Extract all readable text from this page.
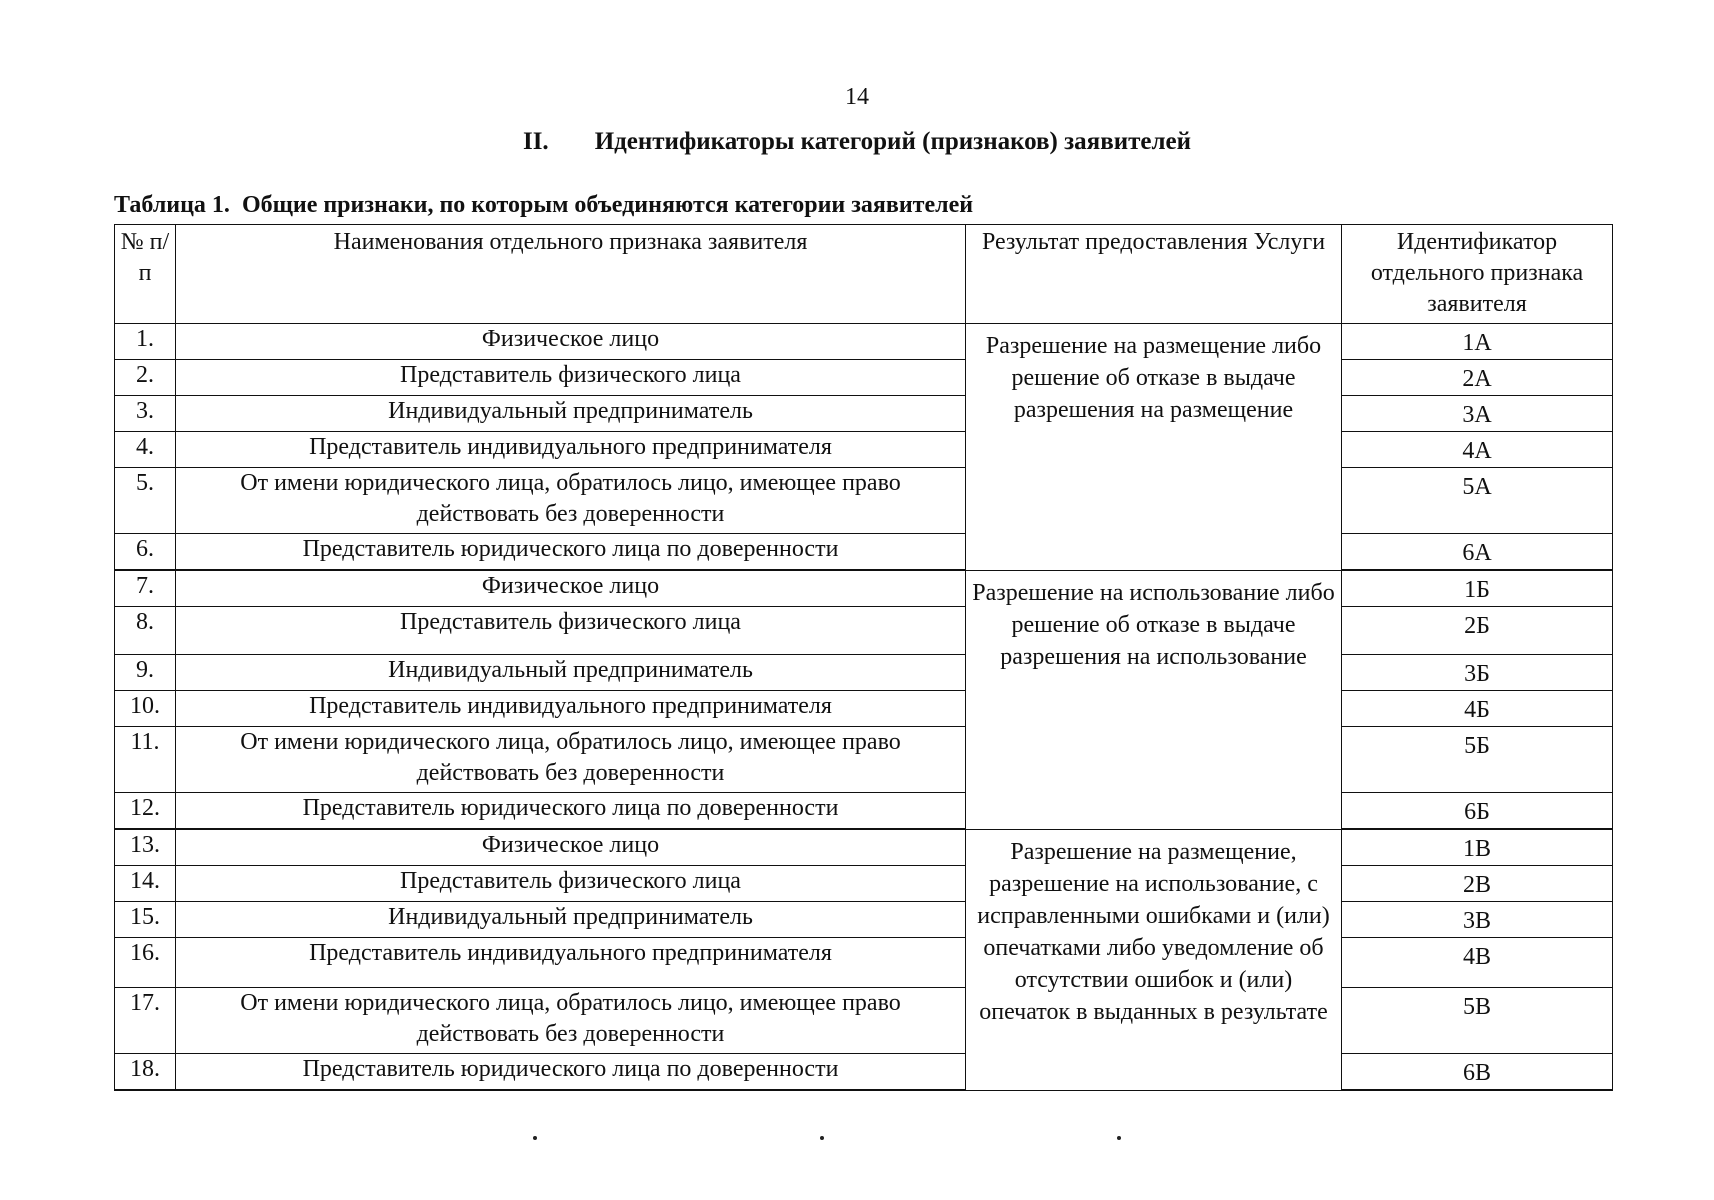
14
II. Идентификаторы категорий (признаков) заявителей
Таблица 1. Общие признаки, по которым объединяются категории заявителей
№ п/п	Наименования отдельного признака заявителя	Результат предоставления Услуги	Идентификатор отдельного признака заявителя
1.	Физическое лицо	Разрешение на размещение либо решение об отказе в выдаче разрешения на размещение	1А
2.	Представитель физического лица		2А
3.	Индивидуальный предприниматель		3А
4.	Представитель индивидуального предпринимателя		4А
5.	От имени юридического лица, обратилось лицо, имеющее право
действовать без доверенности		5А
6.	Представитель юридического лица по доверенности		6А
7.	Физическое лицо	Разрешение на использование либо решение об отказе в выдаче разрешения на использование	1Б
8.	Представитель физического лица		2Б
9.	Индивидуальный предприниматель		3Б
10.	Представитель индивидуального предпринимателя		4Б
11.	От имени юридического лица, обратилось лицо, имеющее право
действовать без доверенности		5Б
12.	Представитель юридического лица по доверенности		6Б
13.	Физическое лицо	Разрешение на размещение, разрешение на использование, с исправленными ошибками и (или) опечатками либо уведомление об отсутствии ошибок и (или) опечаток в выданных в результате	1В
14.	Представитель физического лица		2В
15.	Индивидуальный предприниматель		3В
16.	Представитель индивидуального предпринимателя		4В
17.	От имени юридического лица, обратилось лицо, имеющее право
действовать без доверенности		5В
18.	Представитель юридического лица по доверенности		6В
